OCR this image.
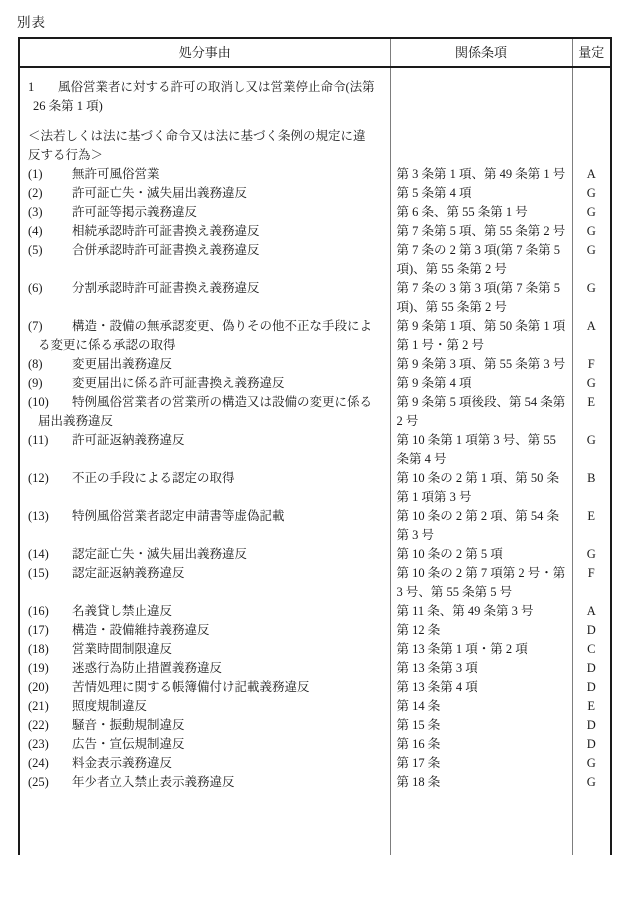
別表
処分事由	関係条項	量定

1 風俗営業者に対する許可の取消し又は営業停止命令(法第 26 条第 1 項)
＜法若しくは法に基づく命令又は法に基づく条例の規定に違反する行為＞		

(1) 無許可風俗営業	第 3 条第 1 項、第 49 条第 1 号	A

(2) 許可証亡失・滅失届出義務違反	第 5 条第 4 項	G

(3) 許可証等掲示義務違反	第 6 条、第 55 条第 1 号	G

(4) 相続承認時許可証書換え義務違反	第 7 条第 5 項、第 55 条第 2 号	G

(5) 合併承認時許可証書換え義務違反	第 7 条の 2 第 3 項(第 7 条第 5 項)、第 55 条第 2 号	G

(6) 分割承認時許可証書換え義務違反	第 7 条の 3 第 3 項(第 7 条第 5 項)、第 55 条第 2 号	G

(7) 構造・設備の無承認変更、偽りその他不正な手段による変更に係る承認の取得	第 9 条第 1 項、第 50 条第 1 項第 1 号・第 2 号	A

(8) 変更届出義務違反	第 9 条第 3 項、第 55 条第 3 号	F

(9) 変更届出に係る許可証書換え義務違反	第 9 条第 4 項	G

(10) 特例風俗営業者の営業所の構造又は設備の変更に係る届出義務違反	第 9 条第 5 項後段、第 54 条第 2 号	E

(11) 許可証返納義務違反	第 10 条第 1 項第 3 号、第 55 条第 4 号	G

(12) 不正の手段による認定の取得	第 10 条の 2 第 1 項、第 50 条第 1 項第 3 号	B

(13) 特例風俗営業者認定申請書等虚偽記載	第 10 条の 2 第 2 項、第 54 条第 3 号	E

(14) 認定証亡失・滅失届出義務違反	第 10 条の 2 第 5 項	G

(15) 認定証返納義務違反	第 10 条の 2 第 7 項第 2 号・第 3 号、第 55 条第 5 号	F

(16) 名義貸し禁止違反	第 11 条、第 49 条第 3 号	A

(17) 構造・設備維持義務違反	第 12 条	D

(18) 営業時間制限違反	第 13 条第 1 項・第 2 項	C

(19) 迷惑行為防止措置義務違反	第 13 条第 3 項	D

(20) 苦情処理に関する帳簿備付け記載義務違反	第 13 条第 4 項	D

(21) 照度規制違反	第 14 条	E

(22) 騒音・振動規制違反	第 15 条	D

(23) 広告・宣伝規制違反	第 16 条	D

(24) 料金表示義務違反	第 17 条	G

(25) 年少者立入禁止表示義務違反	第 18 条	G
